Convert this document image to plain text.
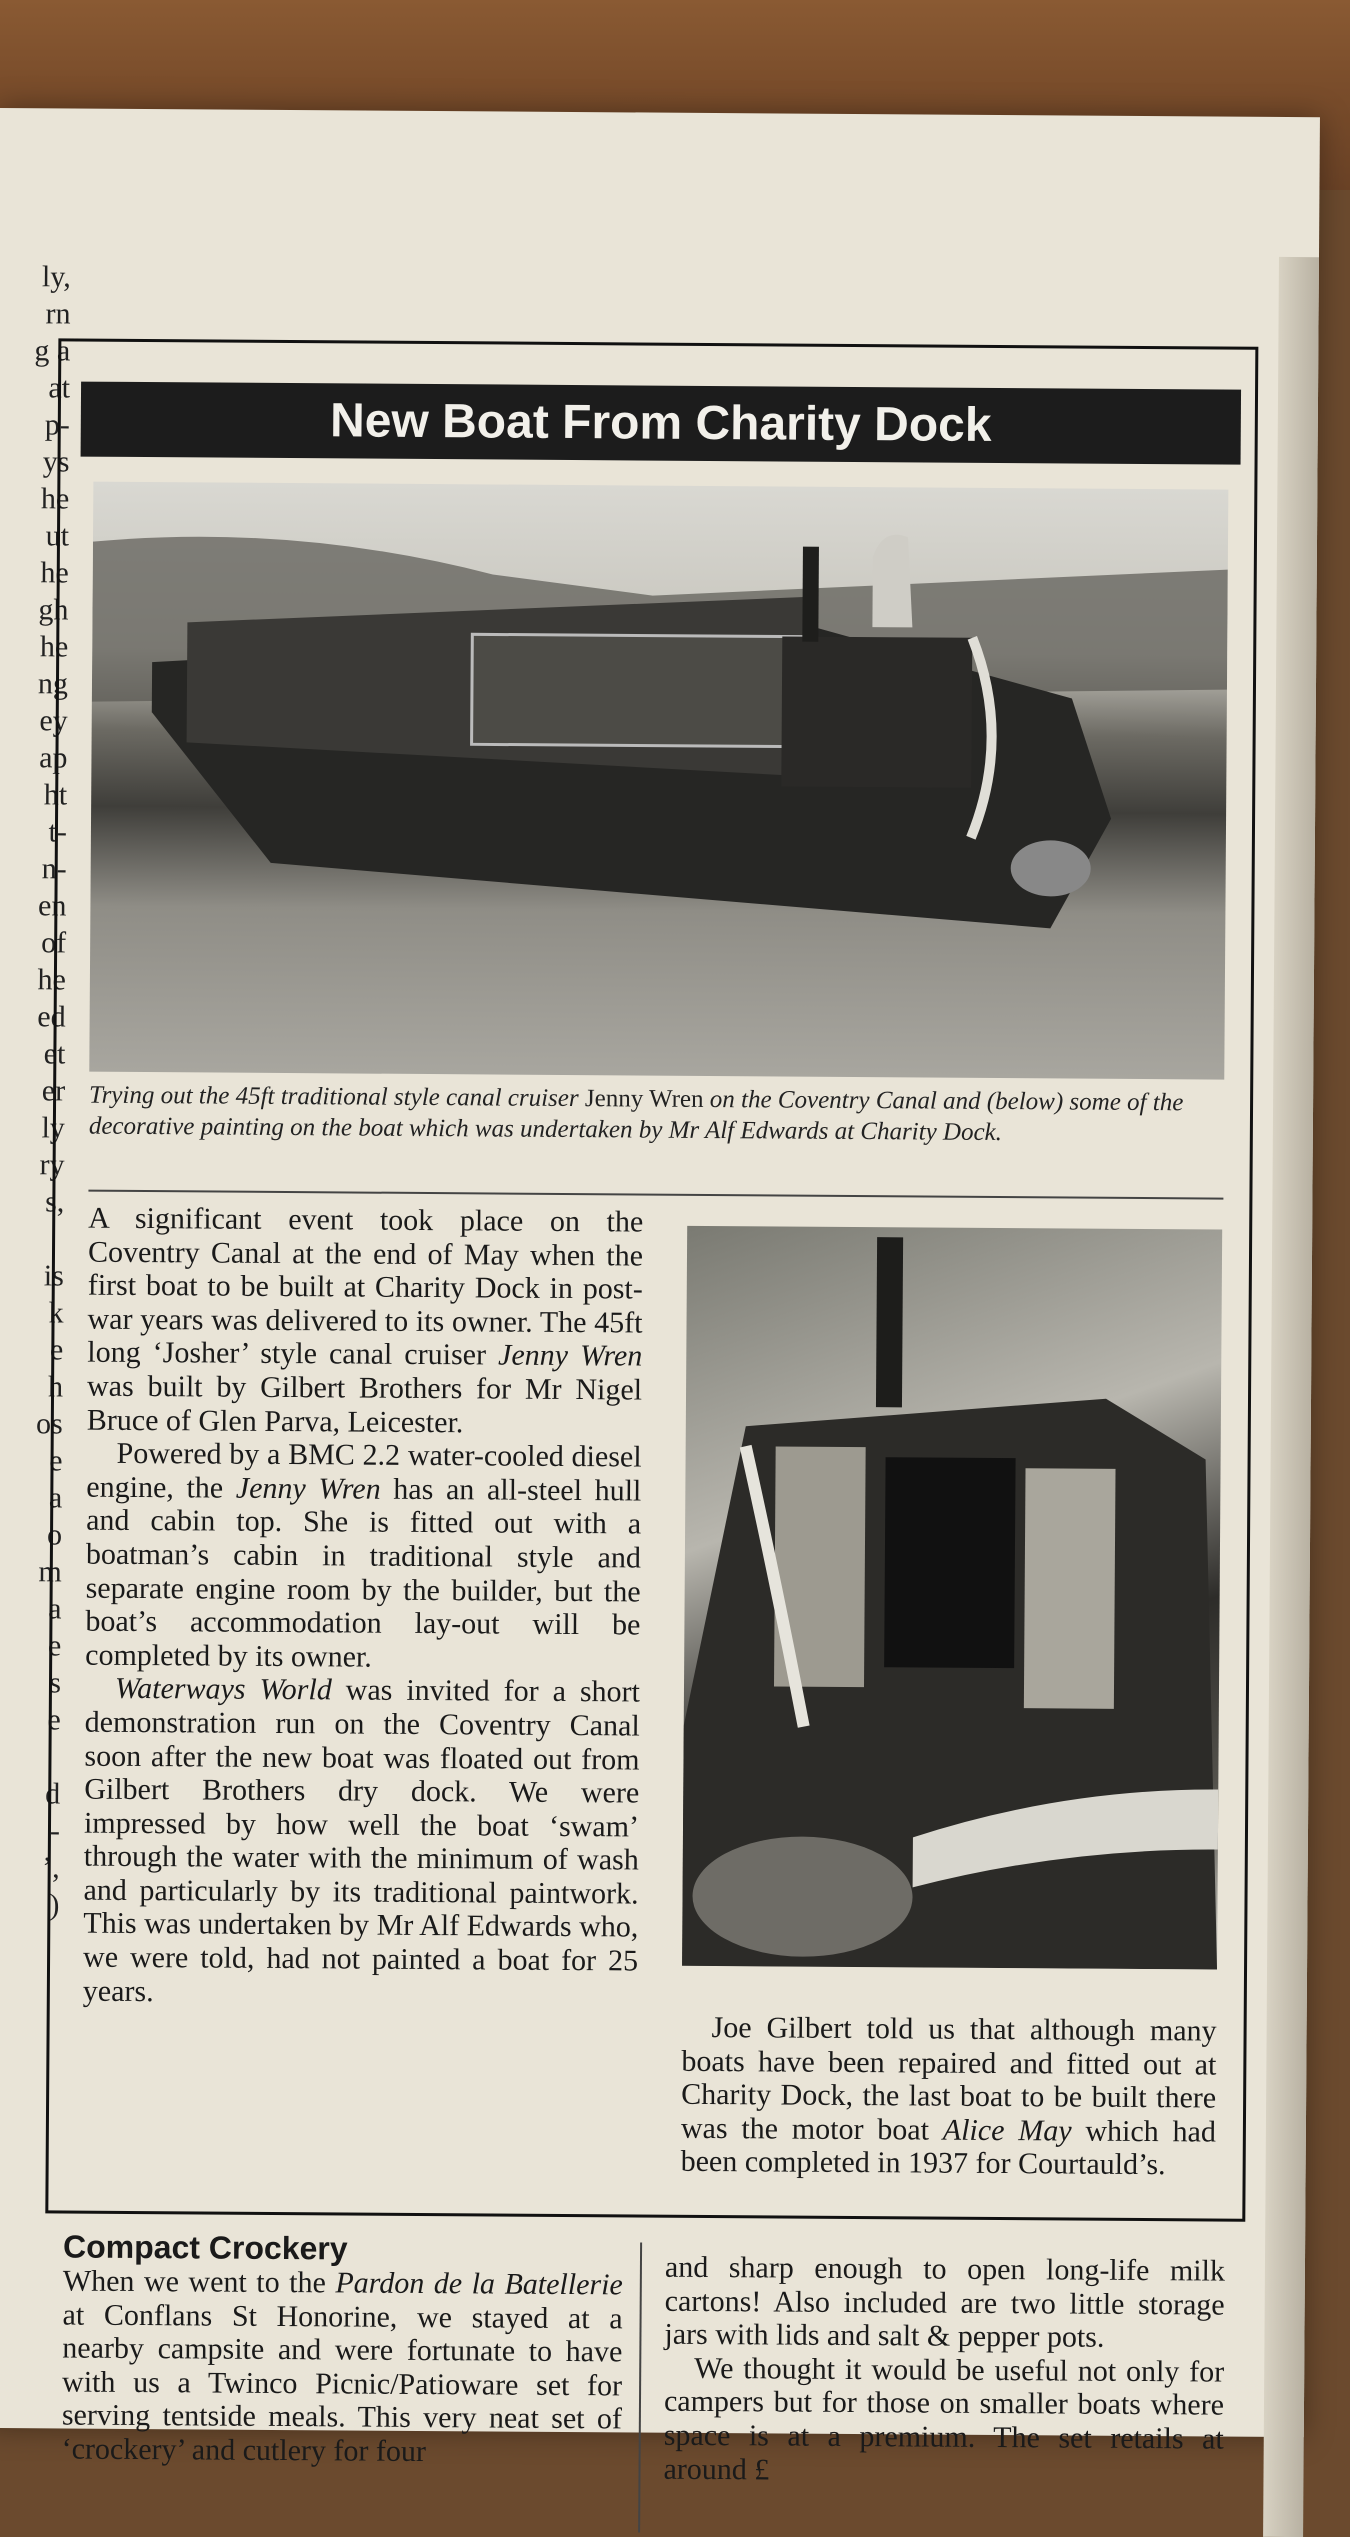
ly,
rn
g a
at
p-
ys
he
ut
he
gh
he
ng
ey
ap
ht
t-
n-
en
of
he
ed
et
er
ly
ry
s,
is
k
e
h
os
e
a
o
m
a
e
s
e
d
-
’,
)
New Boat From Charity Dock
Trying out the 45ft traditional style canal cruiser Jenny Wren on the Coventry Canal and (below) some of the decorative painting on the boat which was undertaken by Mr Alf Edwards at Charity Dock.

A significant event took place on the Coventry Canal at the end of May when the first boat to be built at Charity Dock in post-war years was delivered to its owner. The 45ft long ‘Josher’ style canal cruiser Jenny Wren was built by Gilbert Brothers for Mr Nigel Bruce of Glen Parva, Leicester.

Powered by a BMC 2.2 water-cooled diesel engine, the Jenny Wren has an all-steel hull and cabin top. She is fitted out with a boatman’s cabin in traditional style and separate engine room by the builder, but the boat’s accommodation lay-out will be completed by its owner.

Waterways World was invited for a short demonstration run on the Coventry Canal soon after the new boat was floated out from Gilbert Brothers dry dock. We were impressed by how well the boat ‘swam’ through the water with the minimum of wash and particularly by its traditional paintwork. This was undertaken by Mr Alf Edwards who, we were told, had not painted a boat for 25 years.

Joe Gilbert told us that although many boats have been repaired and fitted out at Charity Dock, the last boat to be built there was the motor boat Alice May which had been completed in 1937 for Courtauld’s.

Compact Crockery

When we went to the Pardon de la Batellerie at Conflans St Honorine, we stayed at a nearby campsite and were fortunate to have with us a Twinco Picnic/Patioware set for serving tentside meals. This very neat set of ‘crockery’ and cutlery for four

and sharp enough to open long-life milk cartons! Also included are two little storage jars with lids and salt & pepper pots.

We thought it would be useful not only for campers but for those on smaller boats where space is at a premium. The set retails at around £
